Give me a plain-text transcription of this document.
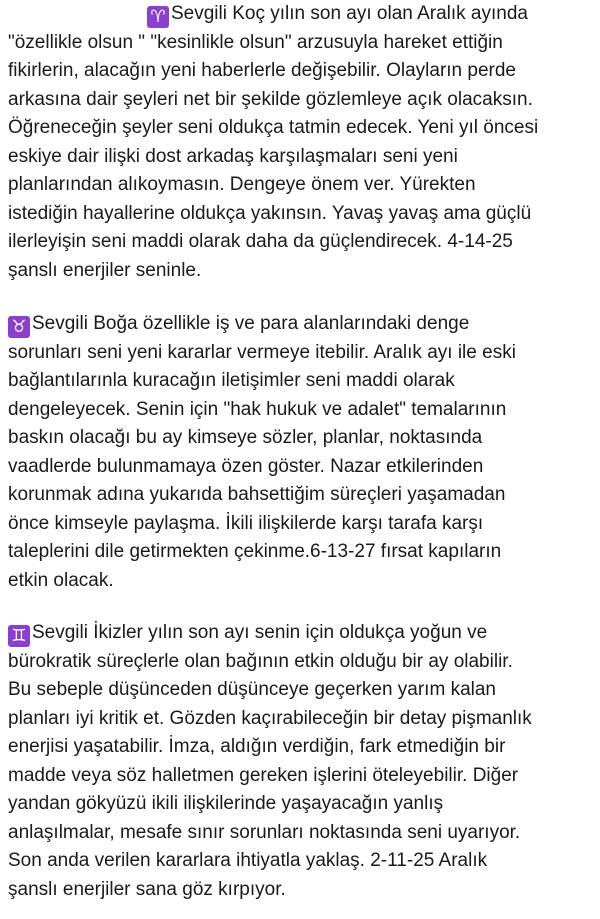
♈ Sevgili Koç yılın son ayı olan Aralık ayında
"özellikle olsun " "kesinlikle olsun" arzusuyla hareket ettiğin
fikirlerin, alacağın yeni haberlerle değişebilir. Olayların perde
arkasına dair şeyleri net bir şekilde gözlemleye açık olacaksın.
Öğreneceğin şeyler seni oldukça tatmin edecek. Yeni yıl öncesi
eskiye dair ilişki dost arkadaş karşılaşmaları seni yeni
planlarından alıkoymasın. Dengeye önem ver. Yürekten
istediğin hayallerine oldukça yakınsın. Yavaş yavaş ama güçlü
ilerleyişin seni maddi olarak daha da güçlendirecek. 4-14-25
şanslı enerjiler seninle.
♉ Sevgili Boğa özellikle iş ve para alanlarındaki denge
sorunları seni yeni kararlar vermeye itebilir. Aralık ayı ile eski
bağlantılarınla kuracağın iletişimler seni maddi olarak
dengeleyecek. Senin için "hak hukuk ve adalet" temalarının
baskın olacağı bu ay kimseye sözler, planlar, noktasında
vaadlerde bulunmamaya özen göster. Nazar etkilerinden
korunmak adına yukarıda bahsettiğim süreçleri yaşamadan
önce kimseyle paylaşma. İkili ilişkilerde karşı tarafa karşı
taleplerini dile getirmekten çekinme.6-13-27 fırsat kapıların
etkin olacak.
♊ Sevgili İkizler yılın son ayı senin için oldukça yoğun ve
bürokratik süreçlerle olan bağının etkin olduğu bir ay olabilir.
Bu sebeple düşünceden düşünceye geçerken yarım kalan
planları iyi kritik et. Gözden kaçırabileceğin bir detay pişmanlık
enerjisi yaşatabilir. İmza, aldığın verdiğin, fark etmediğin bir
madde veya söz halletmen gereken işlerini öteleyebilir. Diğer
yandan gökyüzü ikili ilişkilerinde yaşayacağın yanlış
anlaşılmalar, mesafe sınır sorunları noktasında seni uyarıyor.
Son anda verilen kararlara ihtiyatla yaklaş. 2-11-25 Aralık
şanslı enerjiler sana göz kırpıyor.
